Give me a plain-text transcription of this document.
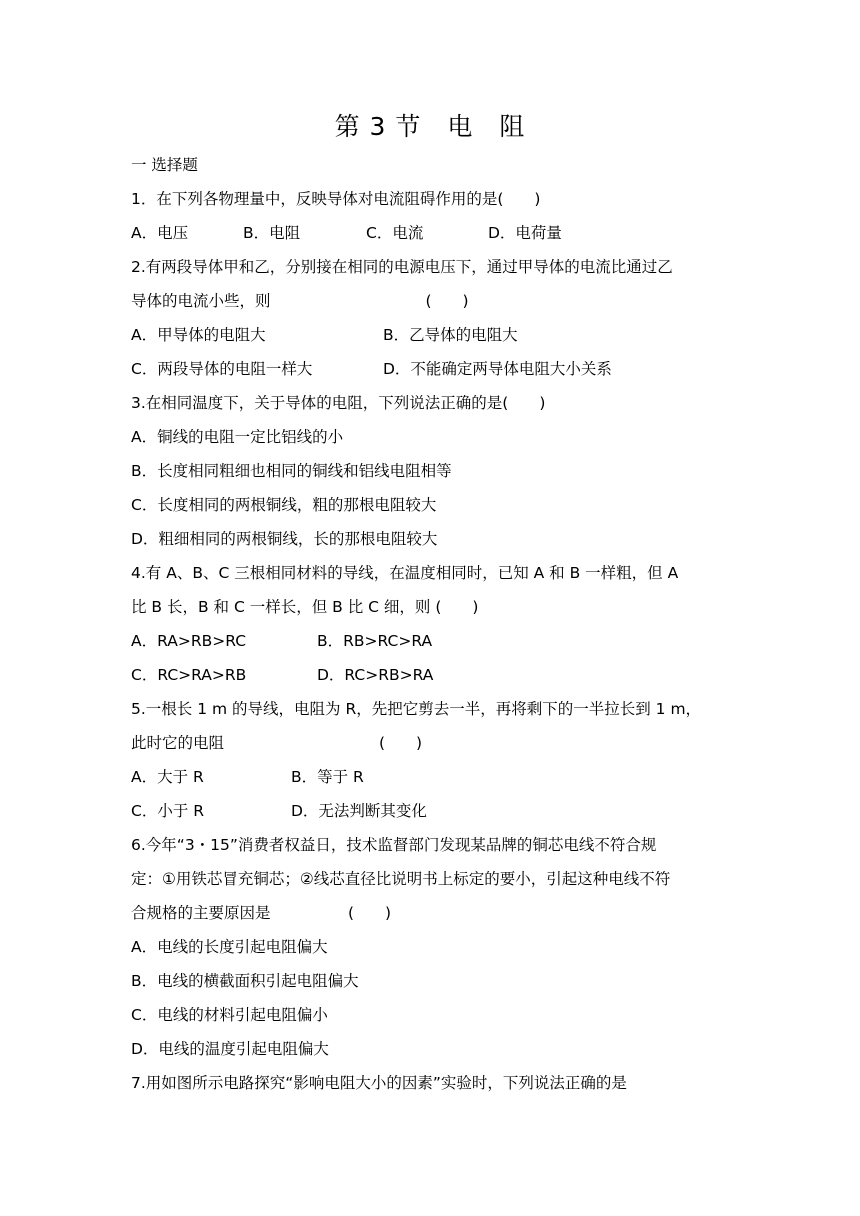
第 3 节　电　阻
一 选择题
1．在下列各物理量中，反映导体对电流阻碍作用的是(　　)
A．电压	B．电阻	C．电流	D．电荷量
2.有两段导体甲和乙，分别接在相同的电源电压下，通过甲导体的电流比通过乙
导体的电流小些，则　　　　　　　　　　(　　)
A．甲导体的电阻大	B．乙导体的电阻大
C．两段导体的电阻一样大	D．不能确定两导体电阻大小关系
3.在相同温度下，关于导体的电阻，下列说法正确的是(　　)
A．铜线的电阻一定比铝线的小
B．长度相同粗细也相同的铜线和铝线电阻相等
C．长度相同的两根铜线，粗的那根电阻较大
D．粗细相同的两根铜线，长的那根电阻较大
4.有 A、B、C 三根相同材料的导线，在温度相同时，已知 A 和 B 一样粗，但 A
比 B 长，B 和 C 一样长，但 B 比 C 细，则 (　　)
A．RA>RB>RC	B．RB>RC>RA
C．RC>RA>RB	D．RC>RB>RA
5.一根长 1 m 的导线，电阻为 R，先把它剪去一半，再将剩下的一半拉长到 1 m，
此时它的电阻　　　　　　　　　　(　　)
A．大于 R	B．等于 R
C．小于 R	D．无法判断其变化
6.今年“3・15”消费者权益日，技术监督部门发现某品牌的铜芯电线不符合规
定：①用铁芯冒充铜芯；②线芯直径比说明书上标定的要小，引起这种电线不符
合规格的主要原因是　　　　　(　　)
A．电线的长度引起电阻偏大
B．电线的横截面积引起电阻偏大
C．电线的材料引起电阻偏小
D．电线的温度引起电阻偏大
7.用如图所示电路探究“影响电阻大小的因素”实验时，下列说法正确的是
